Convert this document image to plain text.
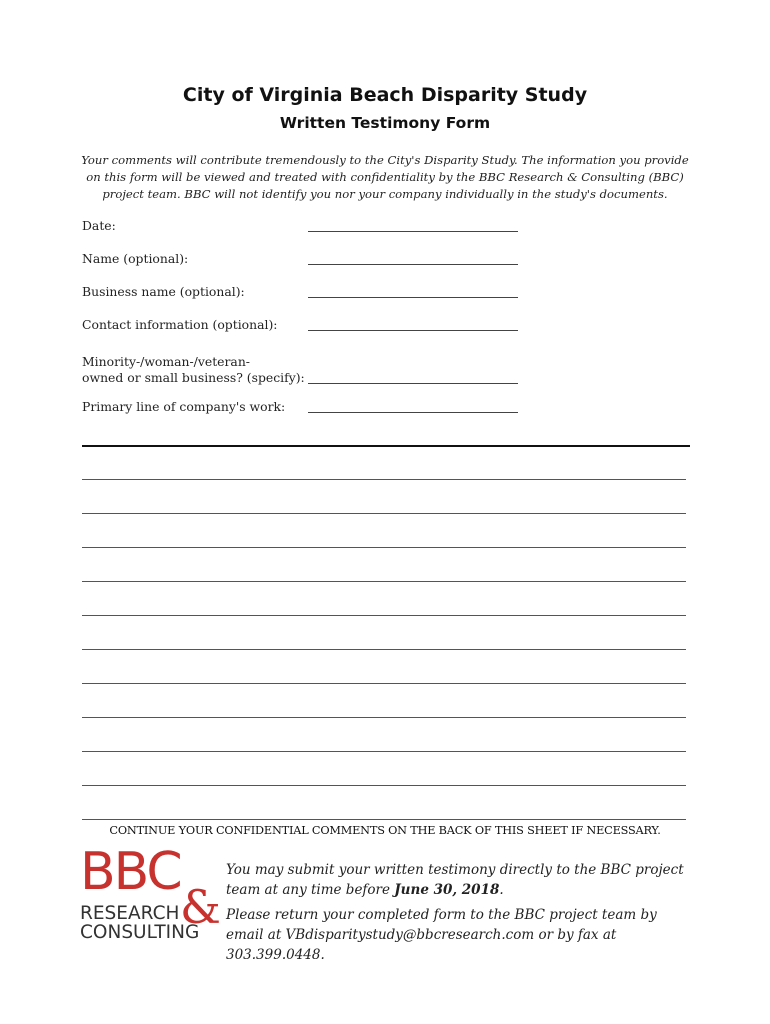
City of Virginia Beach Disparity Study
Written Testimony Form
Your comments will contribute tremendously to the City's Disparity Study. The information you provide on this form will be viewed and treated with confidentiality by the BBC Research & Consulting (BBC) project team. BBC will not identify you nor your company individually in the study's documents.
Date:
Name (optional):
Business name (optional):
Contact information (optional):
Minority-/woman-/veteran-
owned or small business? (specify):
Primary line of company's work:
CONTINUE YOUR CONFIDENTIAL COMMENTS ON THE BACK OF THIS SHEET IF NECESSARY.
BBC
&
RESEARCH
CONSULTING
You may submit your written testimony directly to the BBC project team at any time before June 30, 2018.
Please return your completed form to the BBC project team by email at VBdisparitystudy@bbcresearch.com or by fax at 303.399.0448.
